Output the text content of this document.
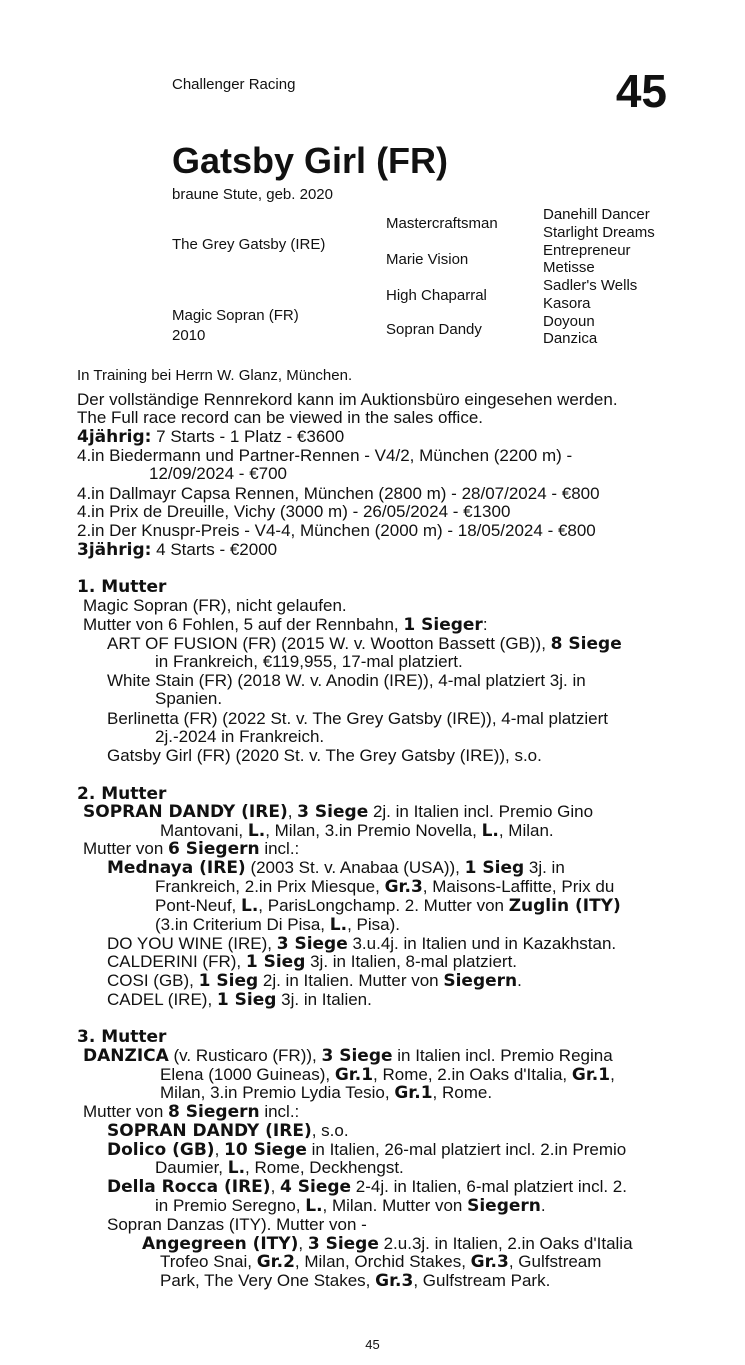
Challenger Racing	45
Gatsby Girl (FR)
braune Stute, geb. 2020
The Grey Gatsby (IRE)
Magic Sopran (FR)
2010
Mastercraftsman
Marie Vision
High Chaparral
Sopran Dandy
Danehill Dancer
Starlight Dreams
Entrepreneur
Metisse
Sadler's Wells
Kasora
Doyoun
Danzica
In Training bei Herrn W. Glanz, München.
Der vollständige Rennrekord kann im Auktionsbüro eingesehen werden.
The Full race record can be viewed in the sales office.
4jährig: 7 Starts - 1 Platz - €3600
4.in Biedermann und Partner-Rennen - V4/2, München (2200 m) -
12/09/2024 - €700
4.in Dallmayr Capsa Rennen, München (2800 m) - 28/07/2024 - €800
4.in Prix de Dreuille, Vichy (3000 m) - 26/05/2024 - €1300
2.in Der Knuspr-Preis - V4-4, München (2000 m) - 18/05/2024 - €800
3jährig: 4 Starts - €2000
1. Mutter
Magic Sopran (FR), nicht gelaufen.
Mutter von 6 Fohlen, 5 auf der Rennbahn, 1 Sieger:
ART OF FUSION (FR) (2015 W. v. Wootton Bassett (GB)), 8 Siege
in Frankreich, €119,955, 17-mal platziert.
White Stain (FR) (2018 W. v. Anodin (IRE)), 4-mal platziert 3j. in
Spanien.
Berlinetta (FR) (2022 St. v. The Grey Gatsby (IRE)), 4-mal platziert
2j.-2024 in Frankreich.
Gatsby Girl (FR) (2020 St. v. The Grey Gatsby (IRE)), s.o.
2. Mutter
SOPRAN DANDY (IRE), 3 Siege 2j. in Italien incl. Premio Gino
Mantovani, L., Milan, 3.in Premio Novella, L., Milan.
Mutter von 6 Siegern incl.:
Mednaya (IRE) (2003 St. v. Anabaa (USA)), 1 Sieg 3j. in
Frankreich, 2.in Prix Miesque, Gr.3, Maisons-Laffitte, Prix du
Pont-Neuf, L., ParisLongchamp. 2. Mutter von Zuglin (ITY)
(3.in Criterium Di Pisa, L., Pisa).
DO YOU WINE (IRE), 3 Siege 3.u.4j. in Italien und in Kazakhstan.
CALDERINI (FR), 1 Sieg 3j. in Italien, 8-mal platziert.
COSI (GB), 1 Sieg 2j. in Italien. Mutter von Siegern.
CADEL (IRE), 1 Sieg 3j. in Italien.
3. Mutter
DANZICA (v. Rusticaro (FR)), 3 Siege in Italien incl. Premio Regina
Elena (1000 Guineas), Gr.1, Rome, 2.in Oaks d'Italia, Gr.1,
Milan, 3.in Premio Lydia Tesio, Gr.1, Rome.
Mutter von 8 Siegern incl.:
SOPRAN DANDY (IRE), s.o.
Dolico (GB), 10 Siege in Italien, 26-mal platziert incl. 2.in Premio
Daumier, L., Rome, Deckhengst.
Della Rocca (IRE), 4 Siege 2-4j. in Italien, 6-mal platziert incl. 2.
in Premio Seregno, L., Milan. Mutter von Siegern.
Sopran Danzas (ITY). Mutter von -
Angegreen (ITY), 3 Siege 2.u.3j. in Italien, 2.in Oaks d'Italia
Trofeo Snai, Gr.2, Milan, Orchid Stakes, Gr.3, Gulfstream
Park, The Very One Stakes, Gr.3, Gulfstream Park.
45
